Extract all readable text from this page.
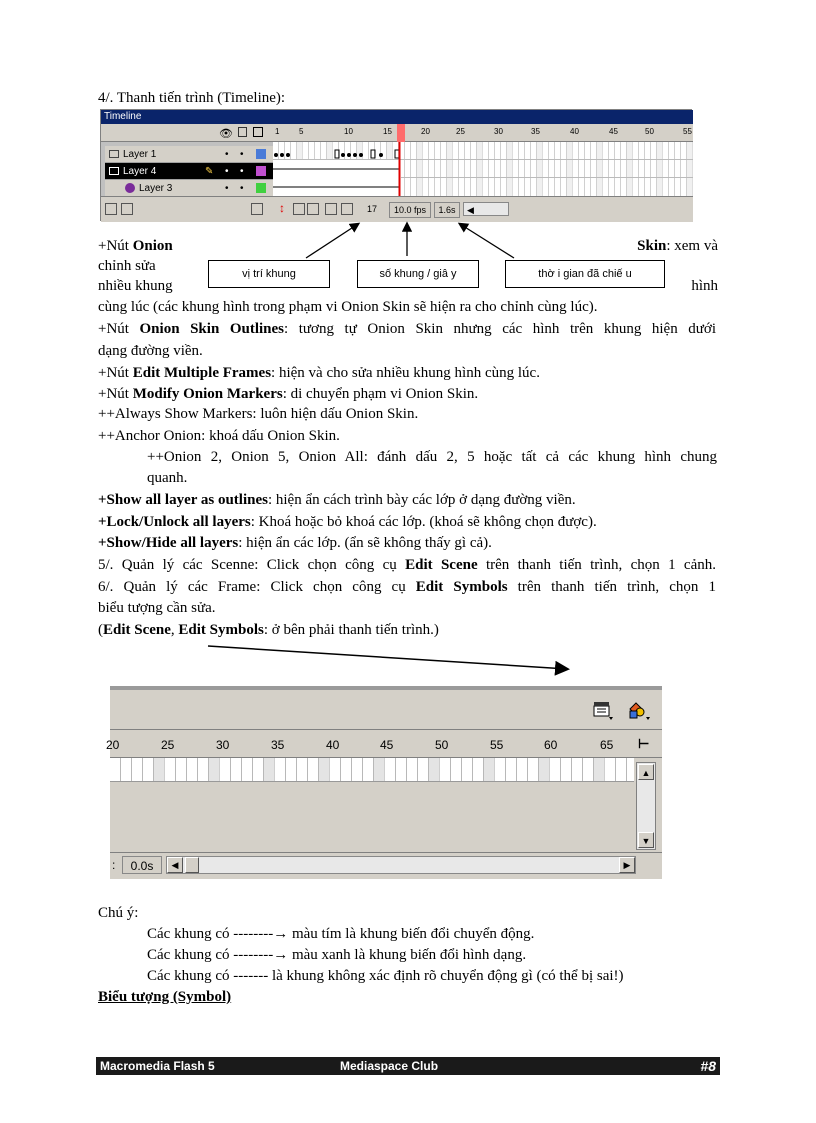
4/. Thanh tiến trình (Timeline):
Timeline
👁	1 5	10	15	20	25	30	35	40	45	50	55
Layer 1	• •
Layer 4	✎ • •
Layer 3	• •
↕	17	10.0 fps	1.6s	◀
+Nút Onion	Skin: xem và
chỉnh sửa
nhiều khung	hình
vị trí khung	số khung / giâ y	thờ i gian đã chiế u
cùng lúc (các khung hình trong phạm vi Onion Skin sẽ hiện ra cho chỉnh cùng lúc).
+Nút Onion Skin Outlines: tương tự Onion Skin nhưng các hình trên khung hiện dưới
dạng đường viền.
+Nút Edit Multiple Frames: hiện và cho sửa nhiều khung hình cùng lúc.
+Nút Modify Onion Markers: di chuyển phạm vi Onion Skin.
++Always Show Markers: luôn hiện dấu Onion Skin.
++Anchor Onion: khoá dấu Onion Skin.
++Onion 2, Onion 5, Onion All: đánh dấu 2, 5 hoặc tất cả các khung hình chung
quanh.
+Show all layer as outlines: hiện ẩn cách trình bày các lớp ở dạng đường viền.
+Lock/Unlock all layers: Khoá hoặc bỏ khoá các lớp. (khoá sẽ không chọn được).
+Show/Hide all layers: hiện ẩn các lớp. (ẩn sẽ không thấy gì cả).
5/. Quản lý các Scenne: Click chọn công cụ Edit Scene trên thanh tiến trình, chọn 1 cảnh.
6/. Quản lý các Frame: Click chọn công cụ Edit Symbols trên thanh tiến trình, chọn 1
biểu tượng cần sửa.
(Edit Scene, Edit Symbols: ở bên phải thanh tiến trình.)
20	25	30	35	40	45	50	55	60	65 ⊢
▲
▼
:	0.0s	◀	▶
Chú ý:
Các khung có --------→ màu tím là khung biến đổi chuyển động.
Các khung có --------→ màu xanh là khung biến đổi hình dạng.
Các khung có ------- là khung không xác định rõ chuyển động gì (có thể bị sai!)
Biểu tượng (Symbol)
Macromedia Flash 5	Mediaspace Club	#8
